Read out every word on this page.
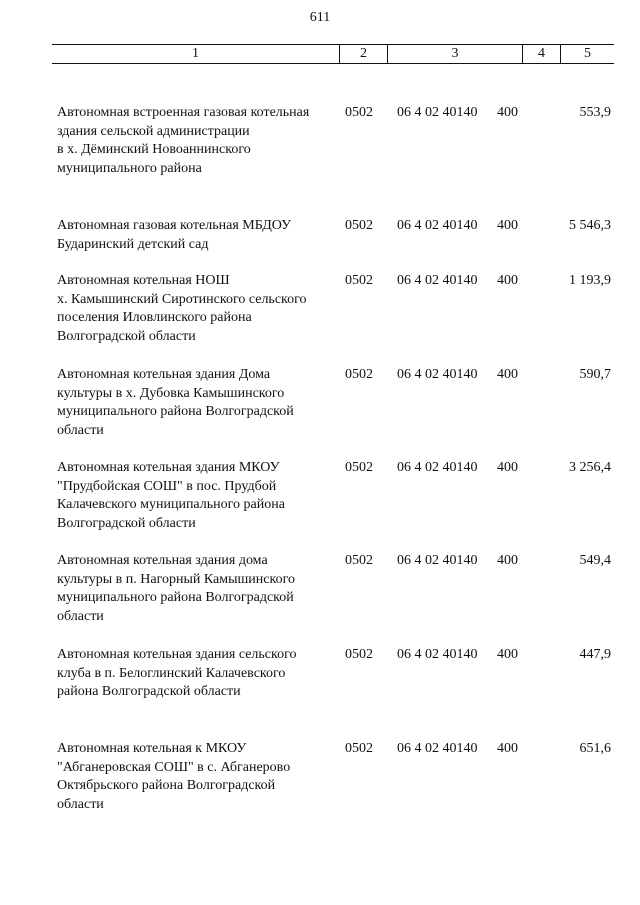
611
1	2	3	4	5
Автономная встроенная газовая котельная
здания сельской администрации
в х. Дёминский Новоаннинского
муниципального района
0502 06 4 02 40140 400	553,9
Автономная газовая котельная МБДОУ
Бударинский детский сад
0502 06 4 02 40140 400	5 546,3
Автономная котельная НОШ
х. Камышинский Сиротинского сельского
поселения Иловлинского района
Волгоградской области
0502 06 4 02 40140 400	1 193,9
Автономная котельная здания Дома
культуры в х. Дубовка Камышинского
муниципального района Волгоградской
области
0502 06 4 02 40140 400	590,7
Автономная котельная здания МКОУ
"Прудбойская СОШ" в пос. Прудбой
Калачевского муниципального района
Волгоградской области
0502 06 4 02 40140 400	3 256,4
Автономная котельная здания дома
культуры в п. Нагорный Камышинского
муниципального района Волгоградской
области
0502 06 4 02 40140 400	549,4
Автономная котельная здания сельского
клуба в п. Белоглинский Калачевского
района Волгоградской области
0502 06 4 02 40140 400	447,9
Автономная котельная к МКОУ
"Абганеровская СОШ" в с. Абганерово
Октябрьского района Волгоградской
области
0502 06 4 02 40140 400	651,6
